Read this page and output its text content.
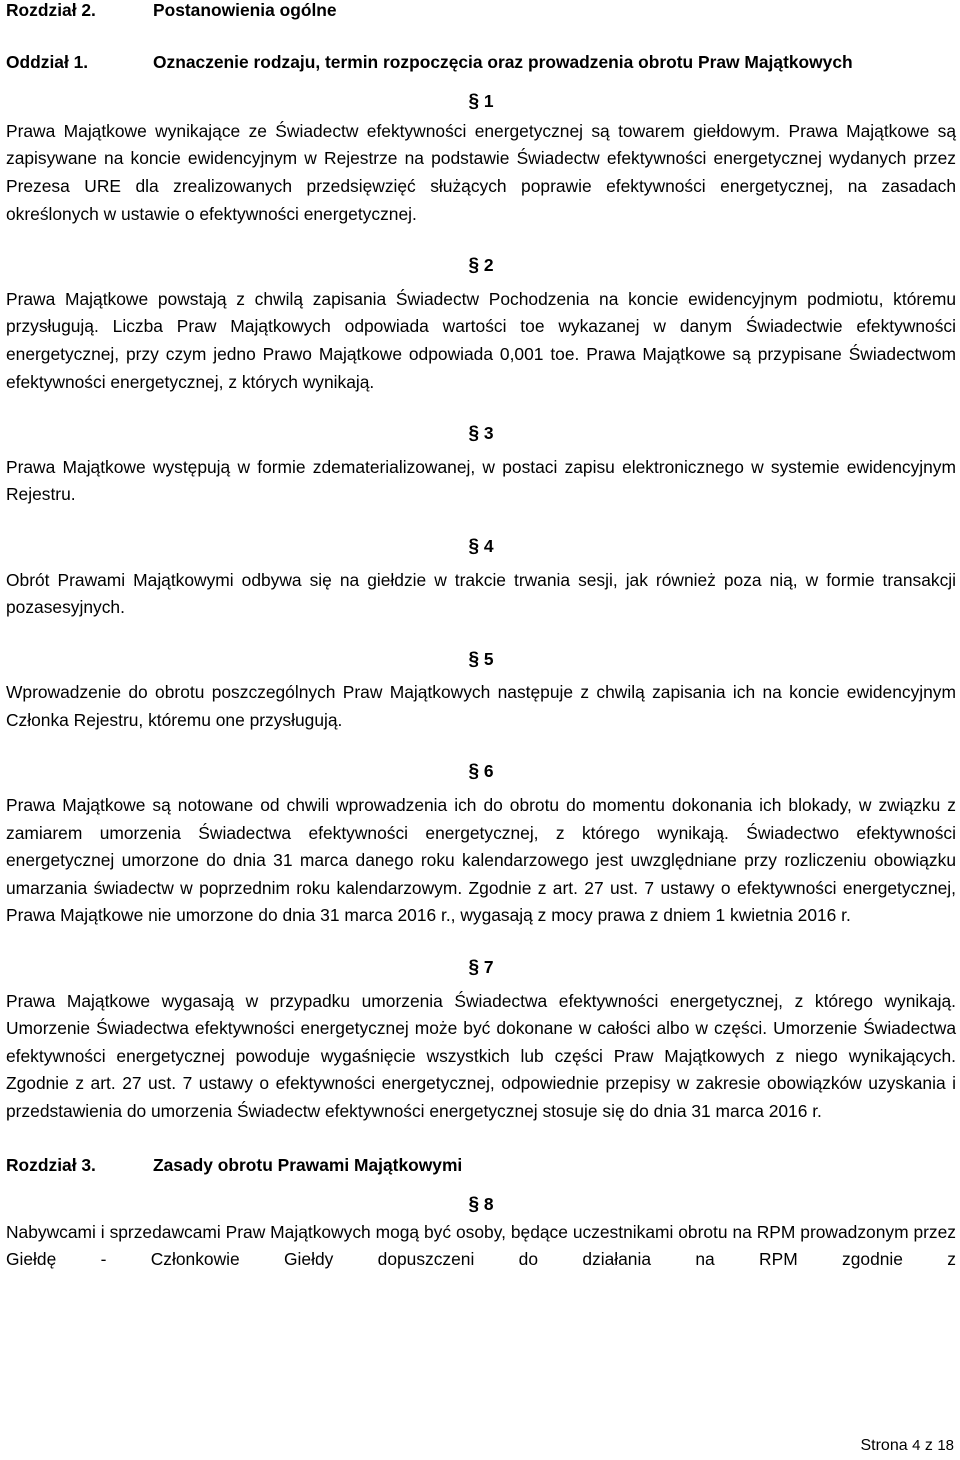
Rozdział 2.	Postanowienia ogólne
Oddział 1.	Oznaczenie rodzaju, termin rozpoczęcia oraz prowadzenia obrotu Praw Majątkowych
§ 1

Prawa Majątkowe wynikające ze Świadectw efektywności energetycznej są towarem giełdowym. Prawa Majątkowe są zapisywane na koncie ewidencyjnym w Rejestrze na podstawie Świadectw efektywności energetycznej wydanych przez Prezesa URE dla zrealizowanych przedsięwzięć służących poprawie efektywności energetycznej, na zasadach określonych w ustawie o efektywności energetycznej.

§ 2

Prawa Majątkowe powstają z chwilą zapisania Świadectw Pochodzenia na koncie ewidencyjnym podmiotu, któremu przysługują. Liczba Praw Majątkowych odpowiada wartości toe wykazanej w danym Świadectwie efektywności energetycznej, przy czym jedno Prawo Majątkowe odpowiada 0,001 toe. Prawa Majątkowe są przypisane Świadectwom efektywności energetycznej, z których wynikają.

§ 3

Prawa Majątkowe występują w formie zdematerializowanej, w postaci zapisu elektronicznego w systemie ewidencyjnym Rejestru.

§ 4

Obrót Prawami Majątkowymi odbywa się na giełdzie w trakcie trwania sesji, jak również poza nią, w formie transakcji pozasesyjnych.

§ 5

Wprowadzenie do obrotu poszczególnych Praw Majątkowych następuje z chwilą zapisania ich na koncie ewidencyjnym Członka Rejestru, któremu one przysługują.

§ 6

Prawa Majątkowe są notowane od chwili wprowadzenia ich do obrotu do momentu dokonania ich blokady, w związku z zamiarem umorzenia Świadectwa efektywności energetycznej, z którego wynikają. Świadectwo efektywności energetycznej umorzone do dnia 31 marca danego roku kalendarzowego jest uwzględniane przy rozliczeniu obowiązku umarzania świadectw w poprzednim roku kalendarzowym. Zgodnie z art. 27 ust. 7 ustawy o efektywności energetycznej, Prawa Majątkowe nie umorzone do dnia 31 marca 2016 r., wygasają z mocy prawa z dniem 1 kwietnia 2016 r.

§ 7

Prawa Majątkowe wygasają w przypadku umorzenia Świadectwa efektywności energetycznej, z którego wynikają. Umorzenie Świadectwa efektywności energetycznej może być dokonane w całości albo w części. Umorzenie Świadectwa efektywności energetycznej powoduje wygaśnięcie wszystkich lub części Praw Majątkowych z niego wynikających. Zgodnie z art. 27 ust. 7 ustawy o efektywności energetycznej, odpowiednie przepisy w zakresie obowiązków uzyskania i przedstawienia do umorzenia Świadectw efektywności energetycznej stosuje się do dnia 31 marca 2016 r.

Rozdział 3.	Zasady obrotu Prawami Majątkowymi
§ 8

Nabywcami i sprzedawcami Praw Majątkowych mogą być osoby, będące uczestnikami obrotu na RPM prowadzonym przez Giełdę - Członkowie Giełdy dopuszczeni do działania na RPM zgodnie z

Strona 4 z 18
